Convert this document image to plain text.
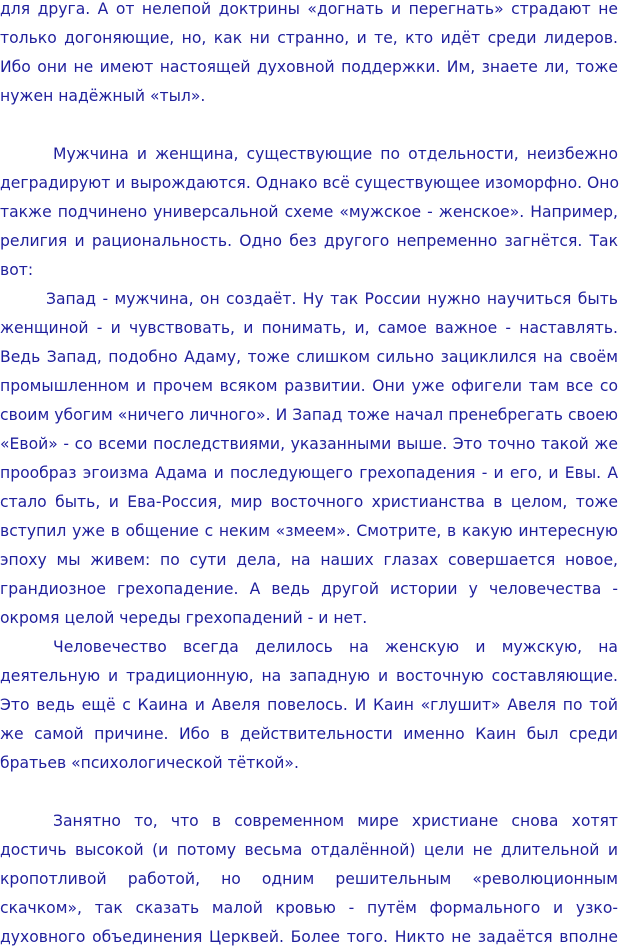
для друга. А от нелепой доктрины «догнать и перегнать» страдают не
только догоняющие, но, как ни странно, и те, кто идёт среди лидеров.
Ибо они не имеют настоящей духовной поддержки. Им, знаете ли, тоже
нужен надёжный «тыл».
Мужчина и женщина, существующие по отдельности, неизбежно
деградируют и вырождаются. Однако всё существующее изоморфно. Оно
также подчинено универсальной схеме «мужское - женское». Например,
религия и рациональность. Одно без другого непременно загнётся. Так
вот:
Запад - мужчина, он создаёт. Ну так России нужно научиться быть
женщиной - и чувствовать, и понимать, и, самое важное - наставлять.
Ведь Запад, подобно Адаму, тоже слишком сильно зациклился на своём
промышленном и прочем всяком развитии. Они уже офигели там все со
своим убогим «ничего личного». И Запад тоже начал пренебрегать своею
«Евой» - со всеми последствиями, указанными выше. Это точно такой же
прообраз эгоизма Адама и последующего грехопадения - и его, и Евы. А
стало быть, и Ева-Россия, мир восточного христианства в целом, тоже
вступил уже в общение с неким «змеем». Смотрите, в какую интересную
эпоху мы живем: по сути дела, на наших глазах совершается новое,
грандиозное грехопадение. А ведь другой истории у человечества -
окромя целой череды грехопадений - и нет.
Человечество всегда делилось на женскую и мужскую, на
деятельную и традиционную, на западную и восточную составляющие.
Это ведь ещё с Каина и Авеля повелось. И Каин «глушит» Авеля по той
же самой причине. Ибо в действительности именно Каин был среди
братьев «психологической тёткой».
Занятно то, что в современном мире христиане снова хотят
достичь высокой (и потому весьма отдалённой) цели не длительной и
кропотливой работой, но одним решительным «революционным
скачком», так сказать малой кровью - путём формального и узко-
духовного объединения Церквей. Более того. Никто не задаётся вполне
